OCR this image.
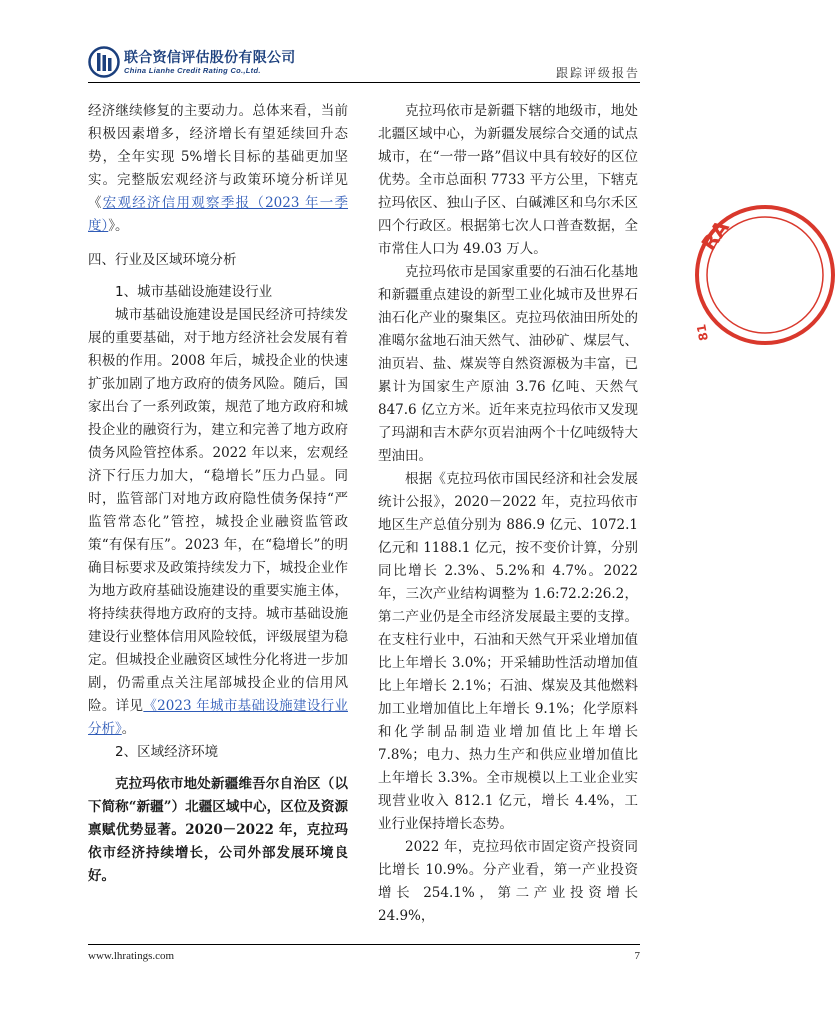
联合资信评估股份有限公司
China Lianhe Credit Rating Co.,Ltd.	跟踪评级报告

经济继续修复的主要动力。总体来看，当前积极因素增多，经济增长有望延续回升态势，全年实现 5%增长目标的基础更加坚实。完整版宏观经济与政策环境分析详见《宏观经济信用观察季报（2023 年一季度）》。

四、行业及区域环境分析
1、城市基础设施建设行业

城市基础设施建设是国民经济可持续发展的重要基础，对于地方经济社会发展有着积极的作用。2008 年后，城投企业的快速扩张加剧了地方政府的债务风险。随后，国家出台了一系列政策，规范了地方政府和城投企业的融资行为，建立和完善了地方政府债务风险管控体系。2022 年以来，宏观经济下行压力加大，“稳增长”压力凸显。同时，监管部门对地方政府隐性债务保持“严监管常态化”管控，城投企业融资监管政策“有保有压”。2023 年，在“稳增长”的明确目标要求及政策持续发力下，城投企业作为地方政府基础设施建设的重要实施主体，将持续获得地方政府的支持。城市基础设施建设行业整体信用风险较低，评级展望为稳定。但城投企业融资区域性分化将进一步加剧，仍需重点关注尾部城投企业的信用风险。详见《2023 年城市基础设施建设行业分析》。

2、区域经济环境

克拉玛依市地处新疆维吾尔自治区（以下简称“新疆”）北疆区域中心，区位及资源禀赋优势显著。2020－2022 年，克拉玛依市经济持续增长，公司外部发展环境良好。

克拉玛依市是新疆下辖的地级市，地处北疆区域中心，为新疆发展综合交通的试点城市，在“一带一路”倡议中具有较好的区位优势。全市总面积 7733 平方公里，下辖克拉玛依区、独山子区、白碱滩区和乌尔禾区四个行政区。根据第七次人口普查数据，全市常住人口为 49.03 万人。

克拉玛依市是国家重要的石油石化基地和新疆重点建设的新型工业化城市及世界石油石化产业的聚集区。克拉玛依油田所处的准噶尔盆地石油天然气、油砂矿、煤层气、油页岩、盐、煤炭等自然资源极为丰富，已累计为国家生产原油 3.76 亿吨、天然气 847.6 亿立方米。近年来克拉玛依市又发现了玛湖和吉木萨尔页岩油两个十亿吨级特大型油田。

根据《克拉玛依市国民经济和社会发展统计公报》，2020－2022 年，克拉玛依市地区生产总值分别为 886.9 亿元、1072.1 亿元和 1188.1 亿元，按不变价计算，分别同比增长 2.3%、5.2%和 4.7%。2022 年，三次产业结构调整为 1.6:72.2:26.2，第二产业仍是全市经济发展最主要的支撑。在支柱行业中，石油和天然气开采业增加值比上年增长 3.0%；开采辅助性活动增加值比上年增长 2.1%；石油、煤炭及其他燃料加工业增加值比上年增长 9.1%；化学原料和化学制品制造业增加值比上年增长 7.8%；电力、热力生产和供应业增加值比上年增长 3.3%。全市规模以上工业企业实现营业收入 812.1 亿元，增长 4.4%，工业行业保持增长态势。

2022 年，克拉玛依市固定资产投资同比增长 10.9%。分产业看，第一产业投资增长 254.1%，第二产业投资增长 24.9%，

RA
81
www.lhratings.com	7
